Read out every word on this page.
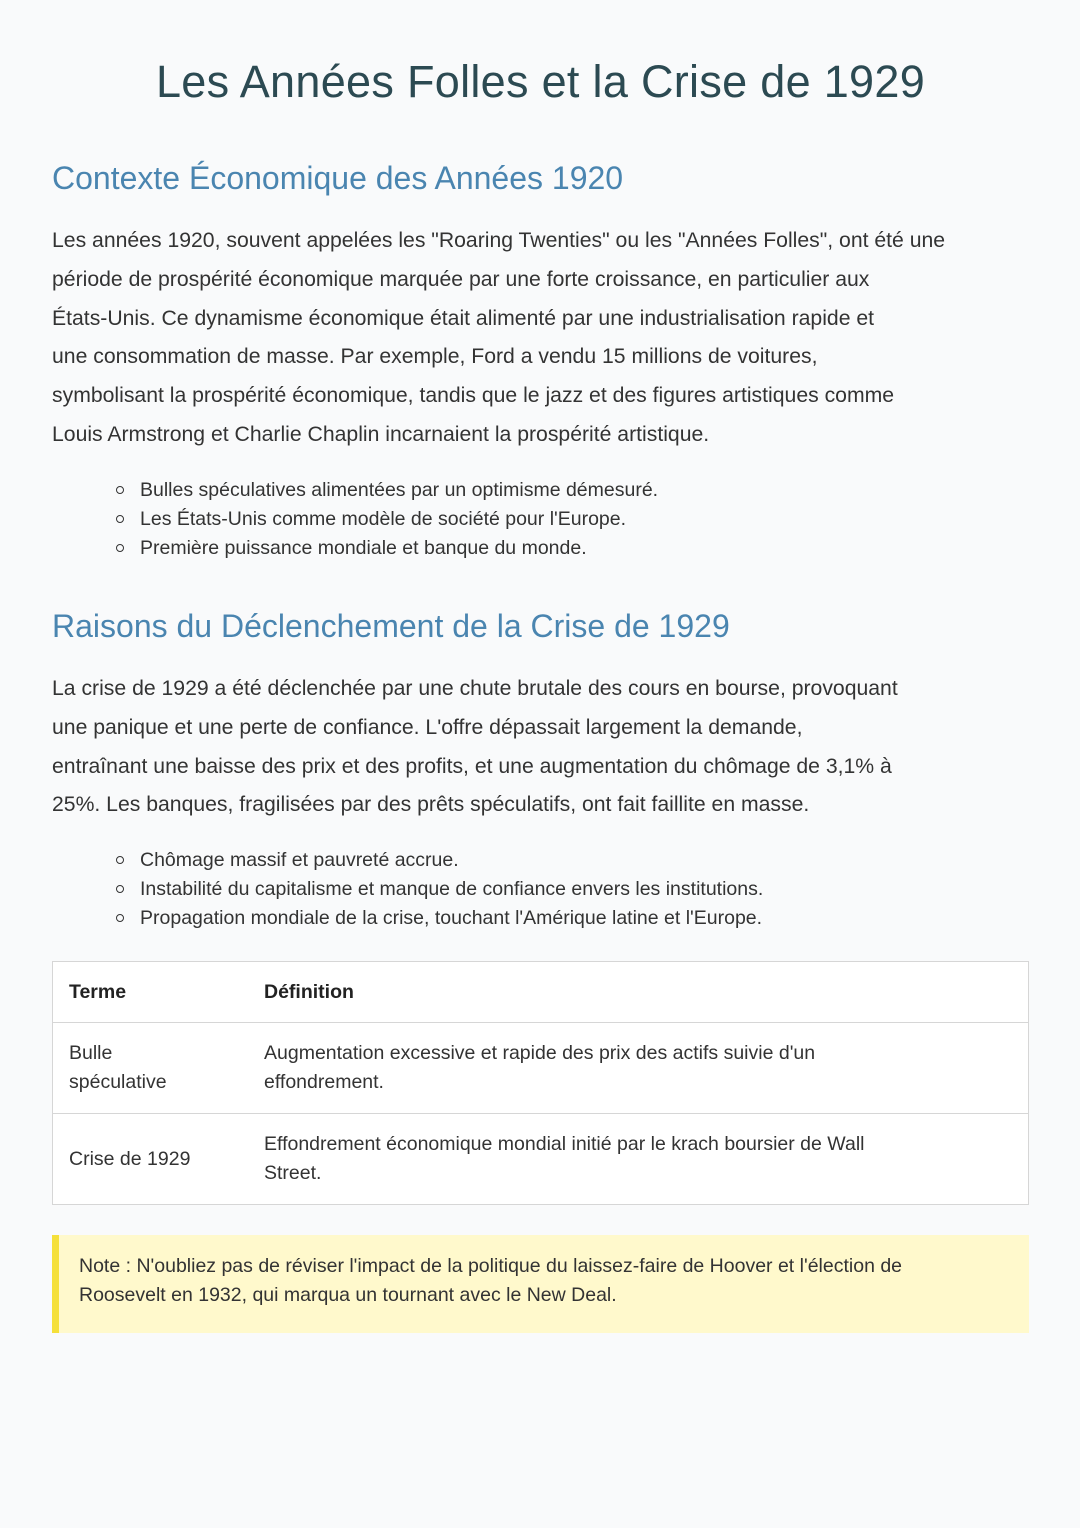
Les Années Folles et la Crise de 1929
Contexte Économique des Années 1920
Les années 1920, souvent appelées les "Roaring Twenties" ou les "Années Folles", ont été une
période de prospérité économique marquée par une forte croissance, en particulier aux
États-Unis. Ce dynamisme économique était alimenté par une industrialisation rapide et
une consommation de masse. Par exemple, Ford a vendu 15 millions de voitures,
symbolisant la prospérité économique, tandis que le jazz et des figures artistiques comme
Louis Armstrong et Charlie Chaplin incarnaient la prospérité artistique.
Bulles spéculatives alimentées par un optimisme démesuré.
Les États-Unis comme modèle de société pour l'Europe.
Première puissance mondiale et banque du monde.
Raisons du Déclenchement de la Crise de 1929
La crise de 1929 a été déclenchée par une chute brutale des cours en bourse, provoquant
une panique et une perte de confiance. L'offre dépassait largement la demande,
entraînant une baisse des prix et des profits, et une augmentation du chômage de 3,1% à
25%. Les banques, fragilisées par des prêts spéculatifs, ont fait faillite en masse.
Chômage massif et pauvreté accrue.
Instabilité du capitalisme et manque de confiance envers les institutions.
Propagation mondiale de la crise, touchant l'Amérique latine et l'Europe.
Terme	Définition
Bulle
spéculative	Augmentation excessive et rapide des prix des actifs suivie d'un
effondrement.
Crise de 1929	Effondrement économique mondial initié par le krach boursier de Wall
Street.
Note : N'oubliez pas de réviser l'impact de la politique du laissez-faire de Hoover et l'élection de
Roosevelt en 1932, qui marqua un tournant avec le New Deal.
